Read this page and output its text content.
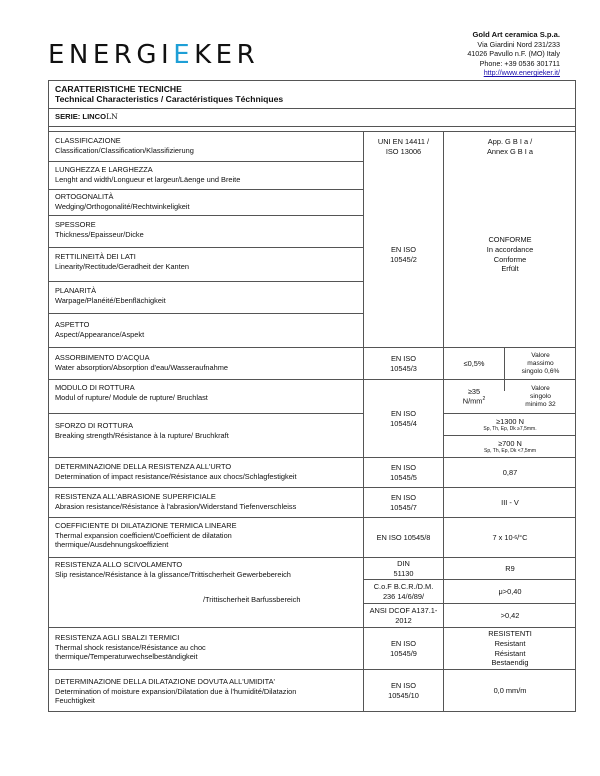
ENERGIEKER
Gold Art ceramica S.p.a.
Via Giardini Nord 231/233
41026 Pavullo n.F. (MO) Italy
Phone: +39 0536 301711
http://www.energieker.it/
CARATTERISTICHE TECNICHE
Technical Characteristics / Caractéristiques Téchniques
SERIE: LINCOLN
CLASSIFICAZIONE
Classification/Classification/Klassifizierung
UNI EN 14411 /
ISO 13006
App. G B I a /
Annex G B I a
LUNGHEZZA E LARGHEZZA
Lenght and width/Longueur et largeur/Läenge und Breite
ORTOGONALITÀ
Wedging/Orthogonalité/Rechtwinkeligkeit
SPESSORE
Thickness/Epaisseur/Dicke
RETTILINEITÀ DEI LATI
Linearity/Rectitude/Geradheit der Kanten
PLANARITÀ
Warpage/Planéité/Ebenflächigkeit
ASPETTO
Aspect/Appearance/Aspekt
EN ISO
10545/2
CONFORME
In accordance
Conforme
Erfült
ASSORBIMENTO D'ACQUA
Water absorption/Absorption d'eau/Wasseraufnahme
EN ISO
10545/3
≤0,5%
Valore
massimo
singolo 0,6%
MODULO DI ROTTURA
Modul of rupture/ Module de rupture/ Bruchlast
≥35
$N/mm^2$
Valore
singolo
minimo 32
EN ISO
10545/4
SFORZO DI ROTTURA
Breaking strength/Résistance à la rupture/ Bruchkraft
≥1300 N
Sp, Th, Ep, Dk ≥7,5mm.
≥700 N
Sp, Th, Ep, Dk <7,5mm
DETERMINAZIONE DELLA RESISTENZA ALL'URTO
Determination of impact resistance/Résistance aux chocs/Schlagfestigkeit
EN ISO
10545/5
0,87
RESISTENZA ALL'ABRASIONE SUPERFICIALE
Abrasion resistance/Résistance à l'abrasion/Widerstand Tiefenverschleiss
EN ISO
10545/7
III - V
COEFFICIENTE DI DILATAZIONE TERMICA LINEARE
Thermal expansion coefficient/Coefficient de dilatation
thermique/Ausdehnungskoeffizient
EN ISO 10545/8	7 x 10 -6 /°C
RESISTENZA ALLO SCIVOLAMENTO
Slip resistance/Résistance à la glissance/Trittischerheit Gewerbebereich
/Trittischerheit Barfussbereich
DIN
51130
R9
C.o.F B.C.R./D.M.
236 14/6/89/
μ>0,40
ANSI DCOF A137.1-
2012
>0,42
RESISTENZA AGLI SBALZI TERMICI
Thermal shock resistance/Résistance au choc
thermique/Temperaturwechselbeständigkeit
EN ISO
10545/9
RESISTENTI
Resistant
Résistant
Bestaendig
DETERMINAZIONE DELLA DILATAZIONE DOVUTA ALL'UMIDITA'
Determination of moisture expansion/Dilatation due à l'humidité/Dilatazion
Feuchtigkeit
EN ISO
10545/10
0,0 mm/m
